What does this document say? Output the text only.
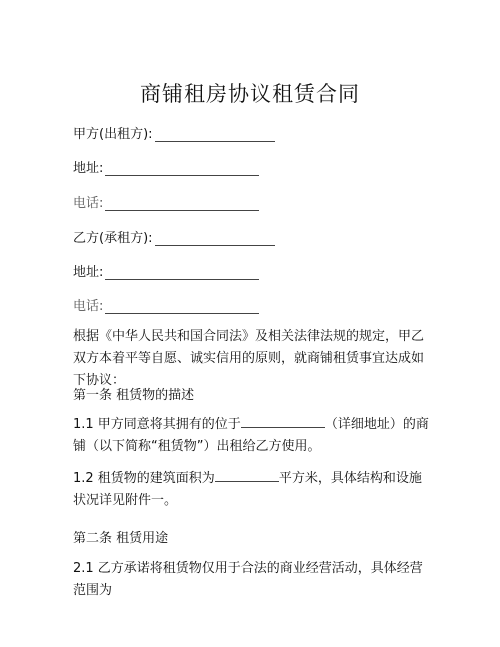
商铺租房协议租赁合同
甲方(出租方):
地址:
电话:
乙方(承租方):
地址:
电话:
根据《中华人民共和国合同法》及相关法律法规的规定，甲乙双方本着平等自愿、诚实信用的原则，就商铺租赁事宜达成如下协议：
第一条 租赁物的描述
1.1 甲方同意将其拥有的位于	（详细地址）的商铺（以下简称“租赁物”）出租给乙方使用。
1.2 租赁物的建筑面积为	平方米，具体结构和设施状况详见附件一。
第二条 租赁用途
2.1 乙方承诺将租赁物仅用于合法的商业经营活动，具体经营范围为
